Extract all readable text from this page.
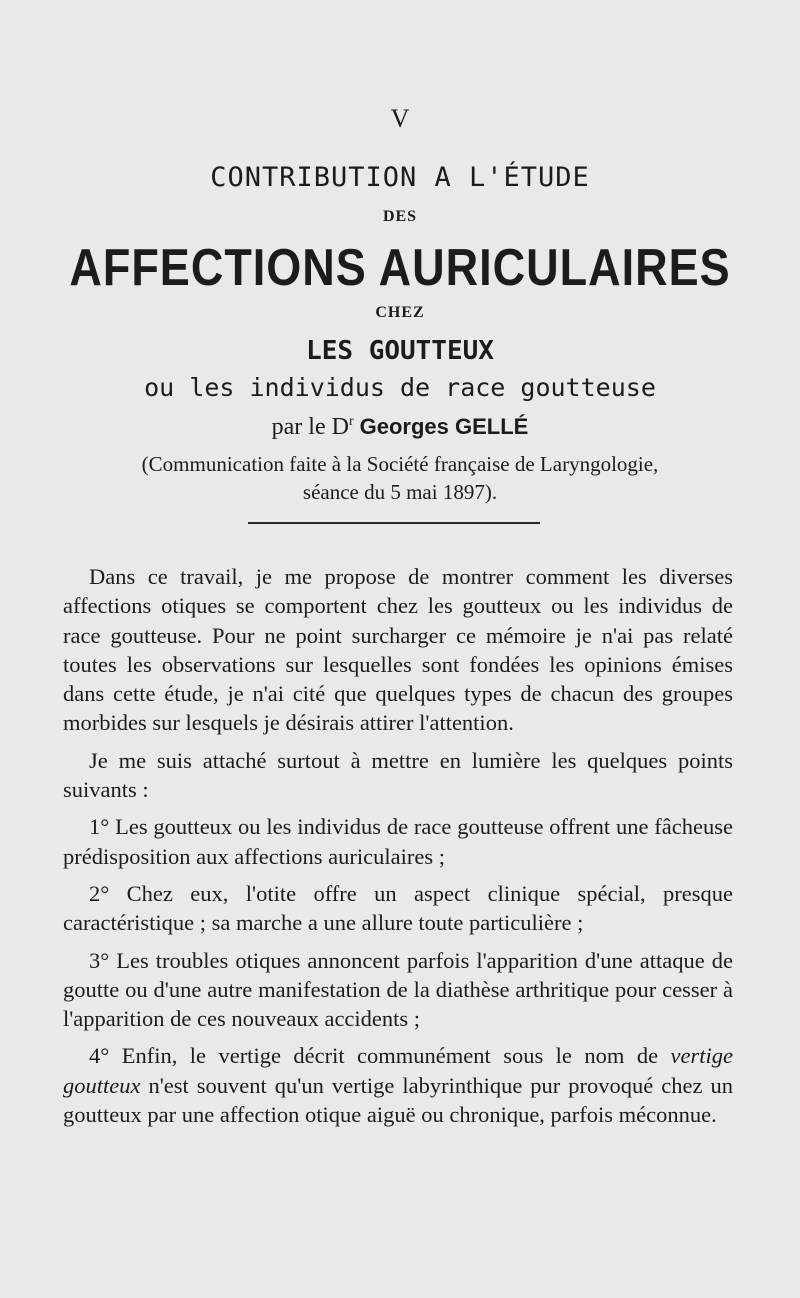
V
CONTRIBUTION A L'ÉTUDE
DES
AFFECTIONS AURICULAIRES
CHEZ
LES GOUTTEUX
ou les individus de race goutteuse
par le $D^r$ Georges GELLÉ
(Communication faite à la Société française de Laryngologie,
séance du 5 mai 1897).

Dans ce travail, je me propose de montrer comment les diverses affections otiques se comportent chez les goutteux ou les individus de race goutteuse. Pour ne point surcharger ce mémoire je n'ai pas relaté toutes les observations sur lesquelles sont fondées les opinions émises dans cette étude, je n'ai cité que quelques types de chacun des groupes morbides sur lesquels je désirais attirer l'attention.

Je me suis attaché surtout à mettre en lumière les quelques points suivants :

1° Les goutteux ou les individus de race goutteuse offrent une fâcheuse prédisposition aux affections auriculaires ;

2° Chez eux, l'otite offre un aspect clinique spécial, presque caractéristique ; sa marche a une allure toute particulière ;

3° Les troubles otiques annoncent parfois l'apparition d'une attaque de goutte ou d'une autre manifestation de la diathèse arthritique pour cesser à l'apparition de ces nouveaux accidents ;

4° Enfin, le vertige décrit communément sous le nom de vertige goutteux n'est souvent qu'un vertige labyrinthique pur provoqué chez un goutteux par une affection otique aiguë ou chronique, parfois méconnue.
